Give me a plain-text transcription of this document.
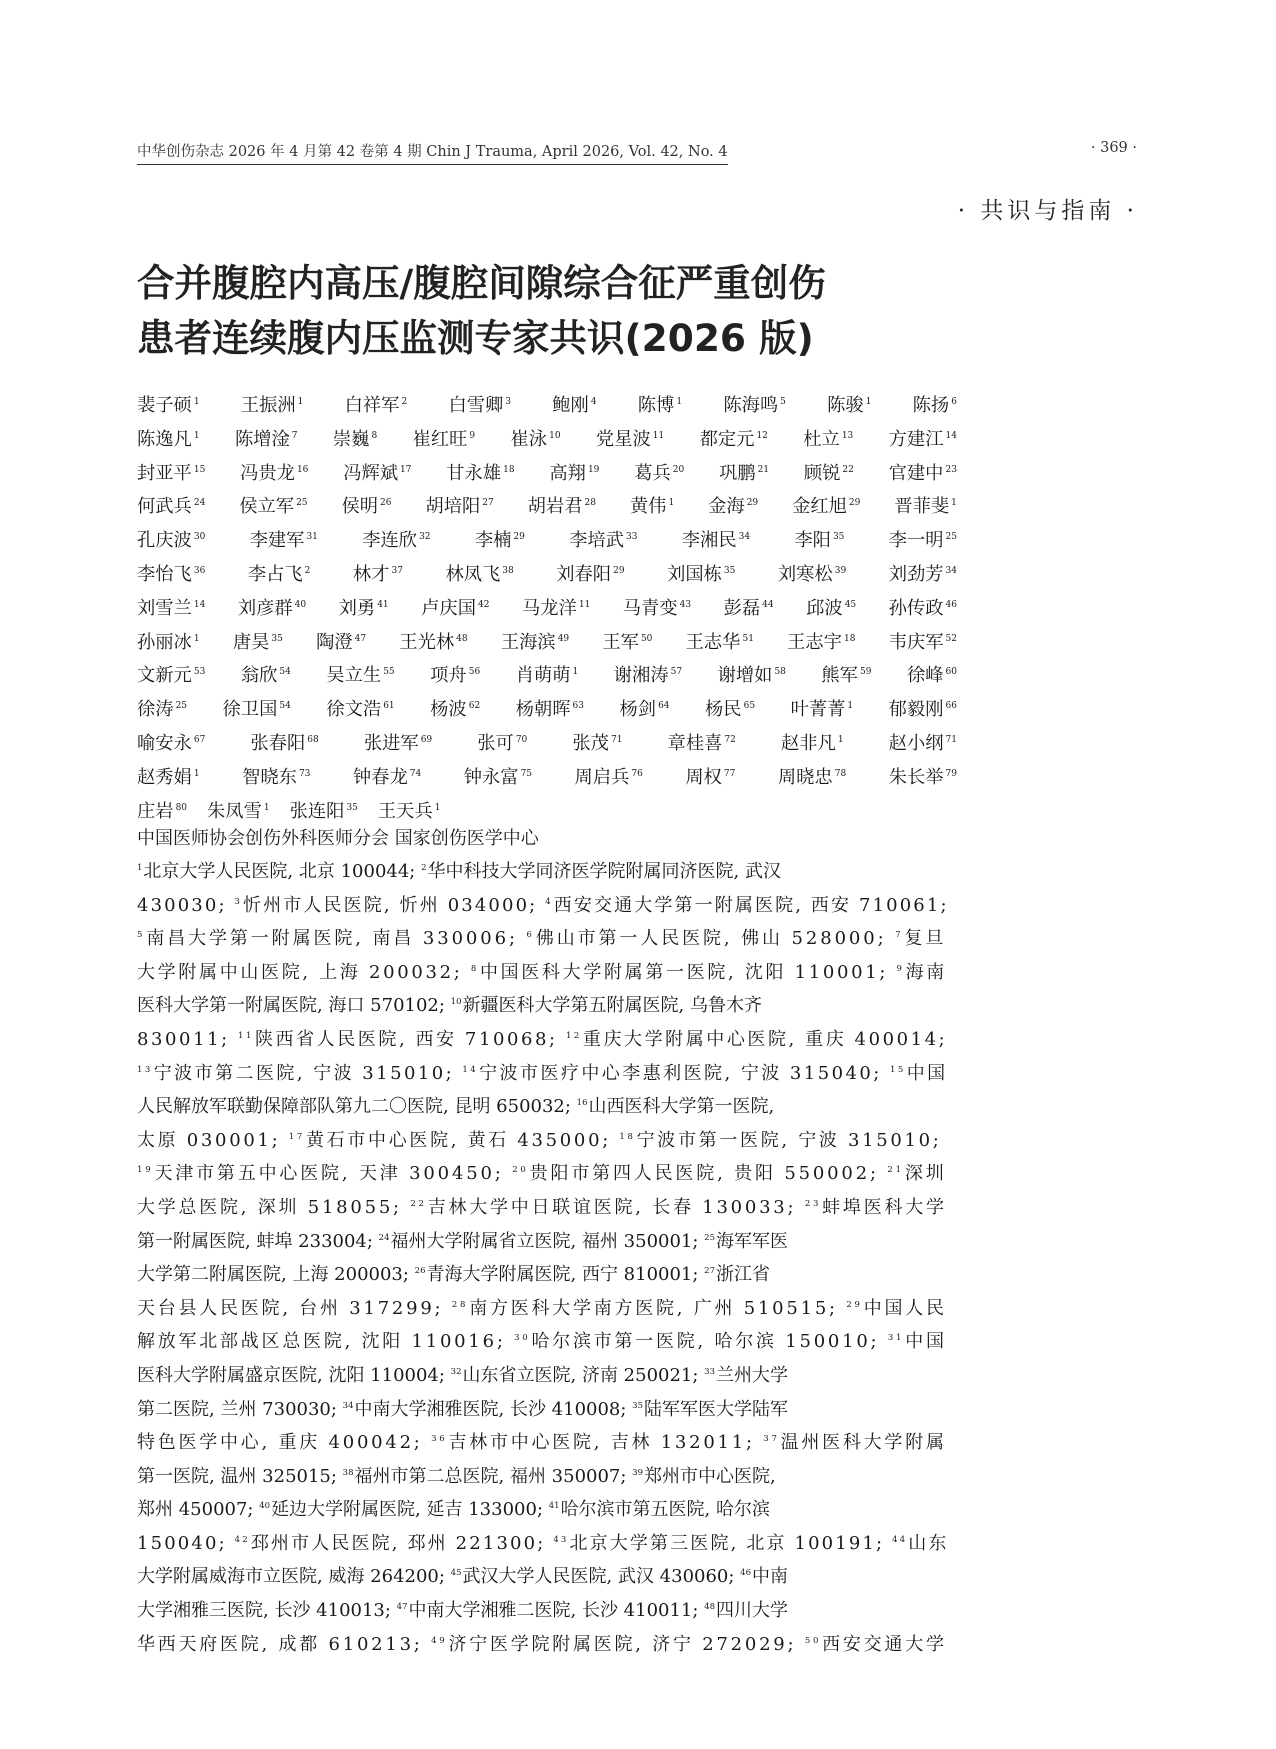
中华创伤杂志 2026 年 4 月第 42 卷第 4 期 Chin J Trauma, April 2026, Vol. 42, No. 4	· 369 ·
· 共识与指南 ·
合并腹腔内高压/腹腔间隙综合征严重创伤
患者连续腹内压监测专家共识(2026 版)
裴子硕 $^1$ 王振洲 $^1$ 白祥军 $^2$ 白雪卿 $^3$ 鲍刚 $^4$ 陈博 $^1$ 陈海鸣 $^5$ 陈骏 $^1$ 陈扬 $^6$
陈逸凡 $^1$ 陈增淦 $^7$ 崇巍 $^8$ 崔红旺 $^9$ 崔泳 $^{10}$ 党星波 $^{11}$ 都定元 $^{12}$ 杜立 $^{13}$ 方建江 $^{14}$
封亚平 $^{15}$ 冯贵龙 $^{16}$ 冯辉斌 $^{17}$ 甘永雄 $^{18}$ 高翔 $^{19}$ 葛兵 $^{20}$ 巩鹏 $^{21}$ 顾锐 $^{22}$ 官建中 $^{23}$
何武兵 $^{24}$ 侯立军 $^{25}$ 侯明 $^{26}$ 胡培阳 $^{27}$ 胡岩君 $^{28}$ 黄伟 $^1$ 金海 $^{29}$ 金红旭 $^{29}$ 晋菲斐 $^1$
孔庆波 $^{30}$ 李建军 $^{31}$ 李连欣 $^{32}$ 李楠 $^{29}$ 李培武 $^{33}$ 李湘民 $^{34}$ 李阳 $^{35}$ 李一明 $^{25}$
李怡飞 $^{36}$ 李占飞 $^2$ 林才 $^{37}$ 林凤飞 $^{38}$ 刘春阳 $^{29}$ 刘国栋 $^{35}$ 刘寒松 $^{39}$ 刘劲芳 $^{34}$
刘雪兰 $^{14}$ 刘彦群 $^{40}$ 刘勇 $^{41}$ 卢庆国 $^{42}$ 马龙洋 $^{11}$ 马青变 $^{43}$ 彭磊 $^{44}$ 邱波 $^{45}$ 孙传政 $^{46}$
孙丽冰 $^1$ 唐昊 $^{35}$ 陶澄 $^{47}$ 王光林 $^{48}$ 王海滨 $^{49}$ 王军 $^{50}$ 王志华 $^{51}$ 王志宇 $^{18}$ 韦庆军 $^{52}$
文新元 $^{53}$ 翁欣 $^{54}$ 吴立生 $^{55}$ 项舟 $^{56}$ 肖萌萌 $^1$ 谢湘涛 $^{57}$ 谢增如 $^{58}$ 熊军 $^{59}$ 徐峰 $^{60}$
徐涛 $^{25}$ 徐卫国 $^{54}$ 徐文浩 $^{61}$ 杨波 $^{62}$ 杨朝晖 $^{63}$ 杨剑 $^{64}$ 杨民 $^{65}$ 叶菁菁 $^1$ 郁毅刚 $^{66}$
喻安永 $^{67}$ 张春阳 $^{68}$ 张进军 $^{69}$ 张可 $^{70}$ 张茂 $^{71}$ 章桂喜 $^{72}$ 赵非凡 $^1$ 赵小纲 $^{71}$
赵秀娟 $^1$ 智晓东 $^{73}$ 钟春龙 $^{74}$ 钟永富 $^{75}$ 周启兵 $^{76}$ 周权 $^{77}$ 周晓忠 $^{78}$ 朱长举 $^{79}$
庄岩 $^{80}$ 朱凤雪 $^1$ 张连阳 $^{35}$ 王天兵 $^1$
中国医师协会创伤外科医师分会 国家创伤医学中心
$^1$北京大学人民医院, 北京 100044; $^2$华中科技大学同济医学院附属同济医院, 武汉
430030; $^3$忻州市人民医院, 忻州 034000; $^4$西安交通大学第一附属医院, 西安 710061;
$^5$南昌大学第一附属医院, 南昌 330006; $^6$佛山市第一人民医院, 佛山 528000; $^7$复旦
大学附属中山医院, 上海 200032; $^8$中国医科大学附属第一医院, 沈阳 110001; $^9$海南
医科大学第一附属医院, 海口 570102; $^{10}$新疆医科大学第五附属医院, 乌鲁木齐
830011; $^{11}$陕西省人民医院, 西安 710068; $^{12}$重庆大学附属中心医院, 重庆 400014;
$^{13}$宁波市第二医院, 宁波 315010; $^{14}$宁波市医疗中心李惠利医院, 宁波 315040; $^{15}$中国
人民解放军联勤保障部队第九二〇医院, 昆明 650032; $^{16}$山西医科大学第一医院,
太原 030001; $^{17}$黄石市中心医院, 黄石 435000; $^{18}$宁波市第一医院, 宁波 315010;
$^{19}$天津市第五中心医院, 天津 300450; $^{20}$贵阳市第四人民医院, 贵阳 550002; $^{21}$深圳
大学总医院, 深圳 518055; $^{22}$吉林大学中日联谊医院, 长春 130033; $^{23}$蚌埠医科大学
第一附属医院, 蚌埠 233004; $^{24}$福州大学附属省立医院, 福州 350001; $^{25}$海军军医
大学第二附属医院, 上海 200003; $^{26}$青海大学附属医院, 西宁 810001; $^{27}$浙江省
天台县人民医院, 台州 317299; $^{28}$南方医科大学南方医院, 广州 510515; $^{29}$中国人民
解放军北部战区总医院, 沈阳 110016; $^{30}$哈尔滨市第一医院, 哈尔滨 150010; $^{31}$中国
医科大学附属盛京医院, 沈阳 110004; $^{32}$山东省立医院, 济南 250021; $^{33}$兰州大学
第二医院, 兰州 730030; $^{34}$中南大学湘雅医院, 长沙 410008; $^{35}$陆军军医大学陆军
特色医学中心, 重庆 400042; $^{36}$吉林市中心医院, 吉林 132011; $^{37}$温州医科大学附属
第一医院, 温州 325015; $^{38}$福州市第二总医院, 福州 350007; $^{39}$郑州市中心医院,
郑州 450007; $^{40}$延边大学附属医院, 延吉 133000; $^{41}$哈尔滨市第五医院, 哈尔滨
150040; $^{42}$邳州市人民医院, 邳州 221300; $^{43}$北京大学第三医院, 北京 100191; $^{44}$山东
大学附属威海市立医院, 威海 264200; $^{45}$武汉大学人民医院, 武汉 430060; $^{46}$中南
大学湘雅三医院, 长沙 410013; $^{47}$中南大学湘雅二医院, 长沙 410011; $^{48}$四川大学
华西天府医院, 成都 610213; $^{49}$济宁医学院附属医院, 济宁 272029; $^{50}$西安交通大学
